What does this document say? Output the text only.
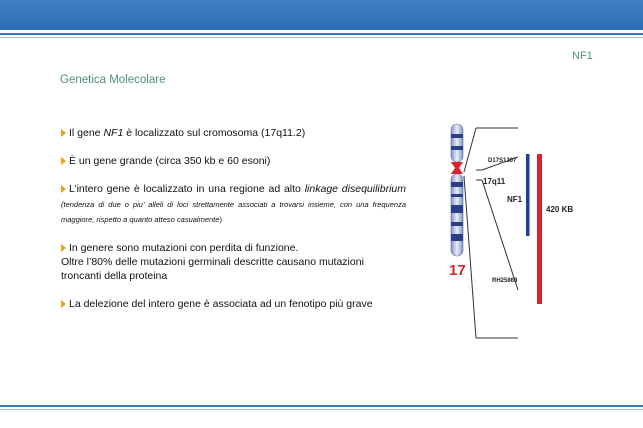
NF1
Genetica Molecolare

Il gene NF1 è localizzato sul cromosoma (17q11.2)

È un gene grande (circa 350 kb e 60 esoni)

L’intero gene è localizzato in una regione ad alto linkage disequilibrium (tendenza di due o piu’ alleli di loci strettamente associati a trovarsi insieme, con una frequenza maggiore, rispetto a quanto atteso casualmente)

In genere sono mutazioni con perdita di funzione.
Oltre l’80% delle mutazioni germinali descritte causano mutazioni troncanti della proteina

La delezione del intero gene è associata ad un fenotipo più grave

17
D17S1307
17q11
RH25868
NF1
420 KB
